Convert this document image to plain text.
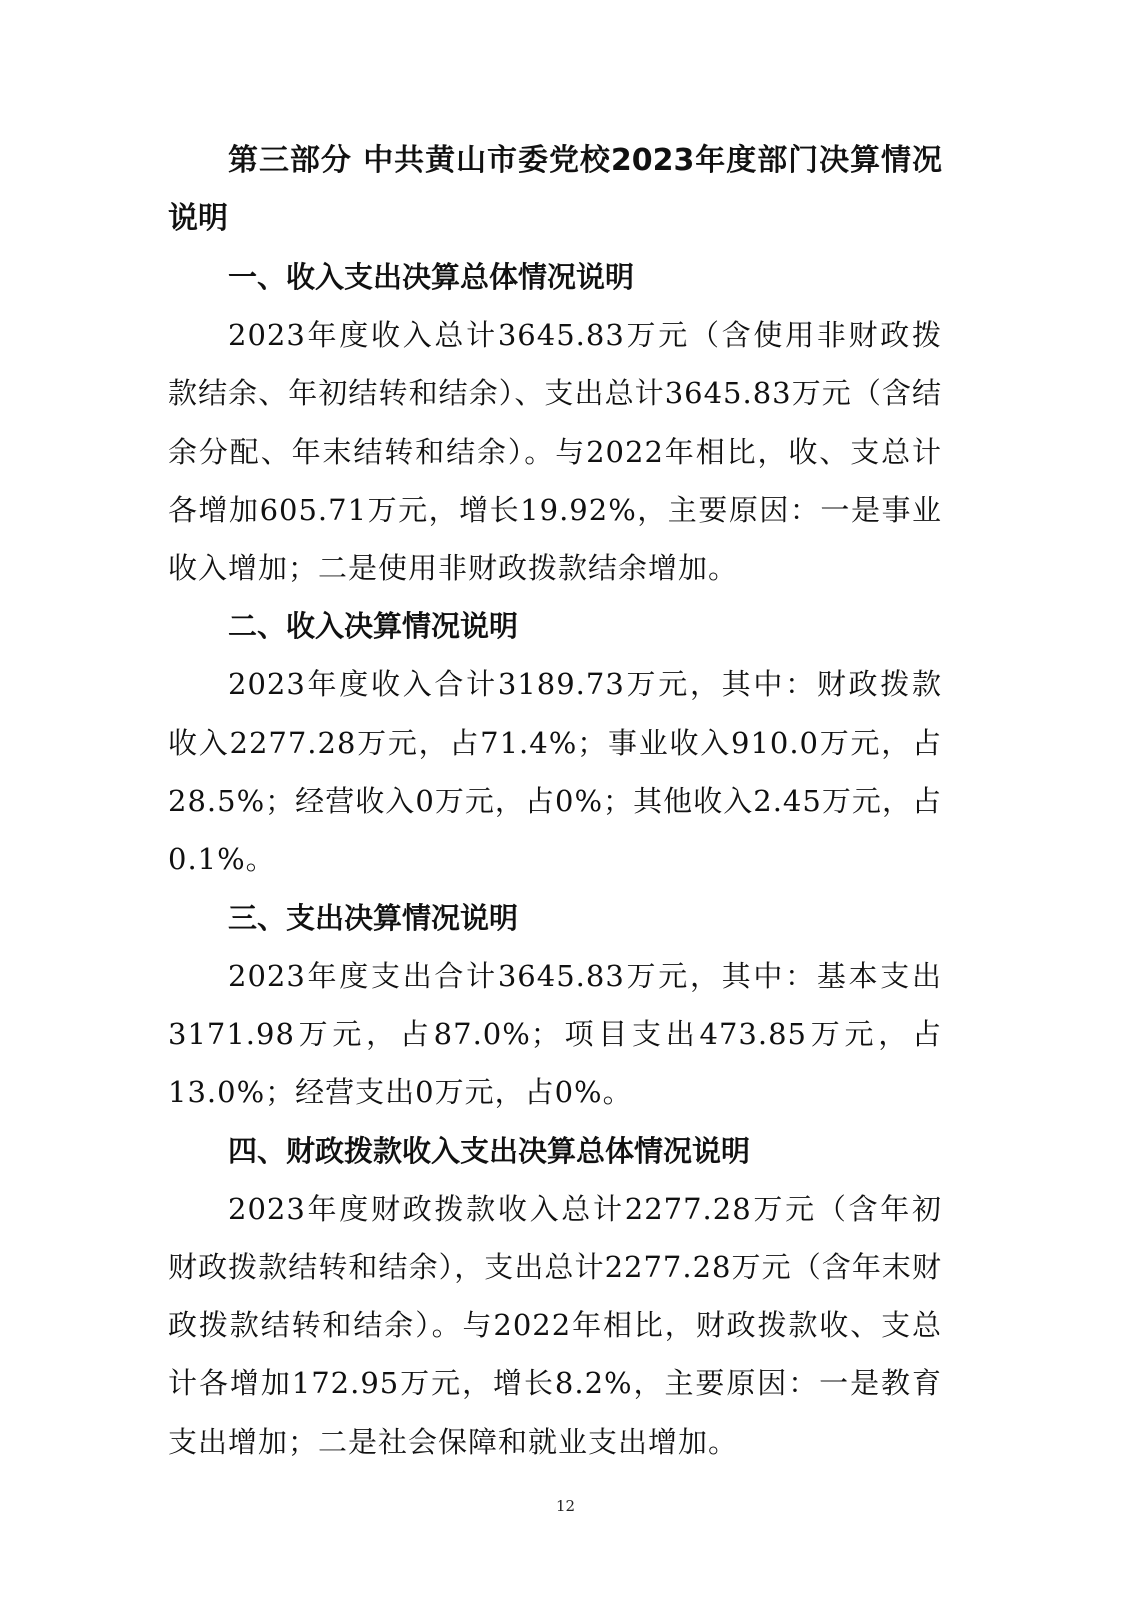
第三部分 中共黄山市委党校2023年度部门决算情况说明

一、收入支出决算总体情况说明

2023年度收入总计3645.83万元（含使用非财政拨款结余、年初结转和结余）、支出总计3645.83万元（含结余分配、年末结转和结余）。与2022年相比，收、支总计各增加605.71万元，增长19.92%，主要原因：一是事业收入增加；二是使用非财政拨款结余增加。

二、收入决算情况说明

2023年度收入合计3189.73万元，其中：财政拨款收入2277.28万元，占71.4%；事业收入910.0万元，占28.5%；经营收入0万元，占0%；其他收入2.45万元，占0.1%。

三、支出决算情况说明

2023年度支出合计3645.83万元，其中：基本支出3171.98万元，占87.0%；项目支出473.85万元，占13.0%；经营支出0万元，占0%。

四、财政拨款收入支出决算总体情况说明

2023年度财政拨款收入总计2277.28万元（含年初财政拨款结转和结余），支出总计2277.28万元（含年末财政拨款结转和结余）。与2022年相比，财政拨款收、支总计各增加172.95万元，增长8.2%，主要原因：一是教育支出增加；二是社会保障和就业支出增加。

12
